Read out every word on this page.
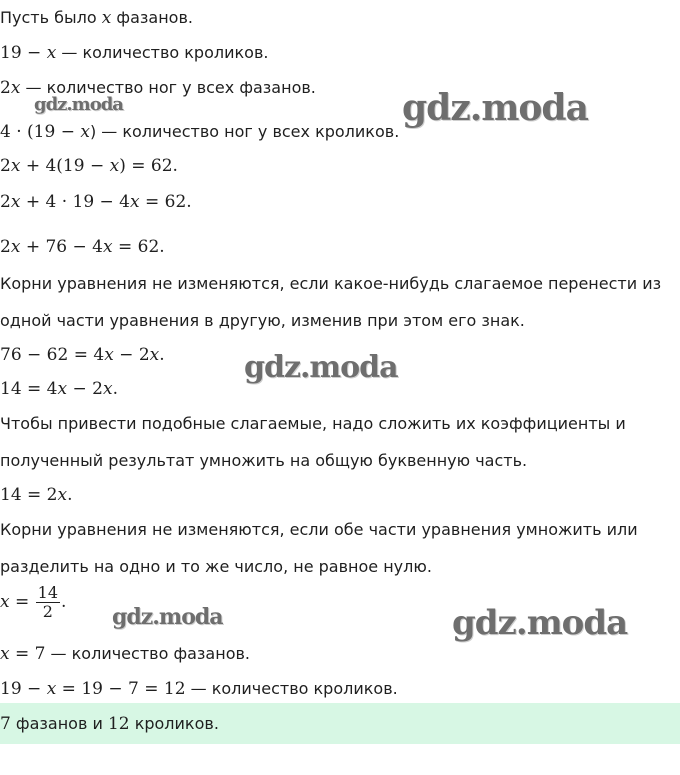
Пусть было x фазанов.
19 − x — количество кроликов.
2x — количество ног у всех фазанов.
4 · (19 − x) — количество ног у всех кроликов.
2x + 4(19 − x) = 62.
2x + 4 · 19 − 4x = 62.
2x + 76 − 4x = 62.
Корни уравнения не изменяются, если какое-нибудь слагаемое перенести из
одной части уравнения в другую, изменив при этом его знак.
76 − 62 = 4x − 2x.
14 = 4x − 2x.
Чтобы привести подобные слагаемые, надо сложить их коэффициенты и
полученный результат умножить на общую буквенную часть.
14 = 2x.
Корни уравнения не изменяются, если обе части уравнения умножить или
разделить на одно и то же число, не равное нулю.
$x = \frac{14}{2}$ .
x = 7 — количество фазанов.
19 − x = 19 − 7 = 12 — количество кроликов.
7 фазанов и 12 кроликов.
gdz.moda	gdz.moda
gdz.moda
gdz.moda	gdz.moda
